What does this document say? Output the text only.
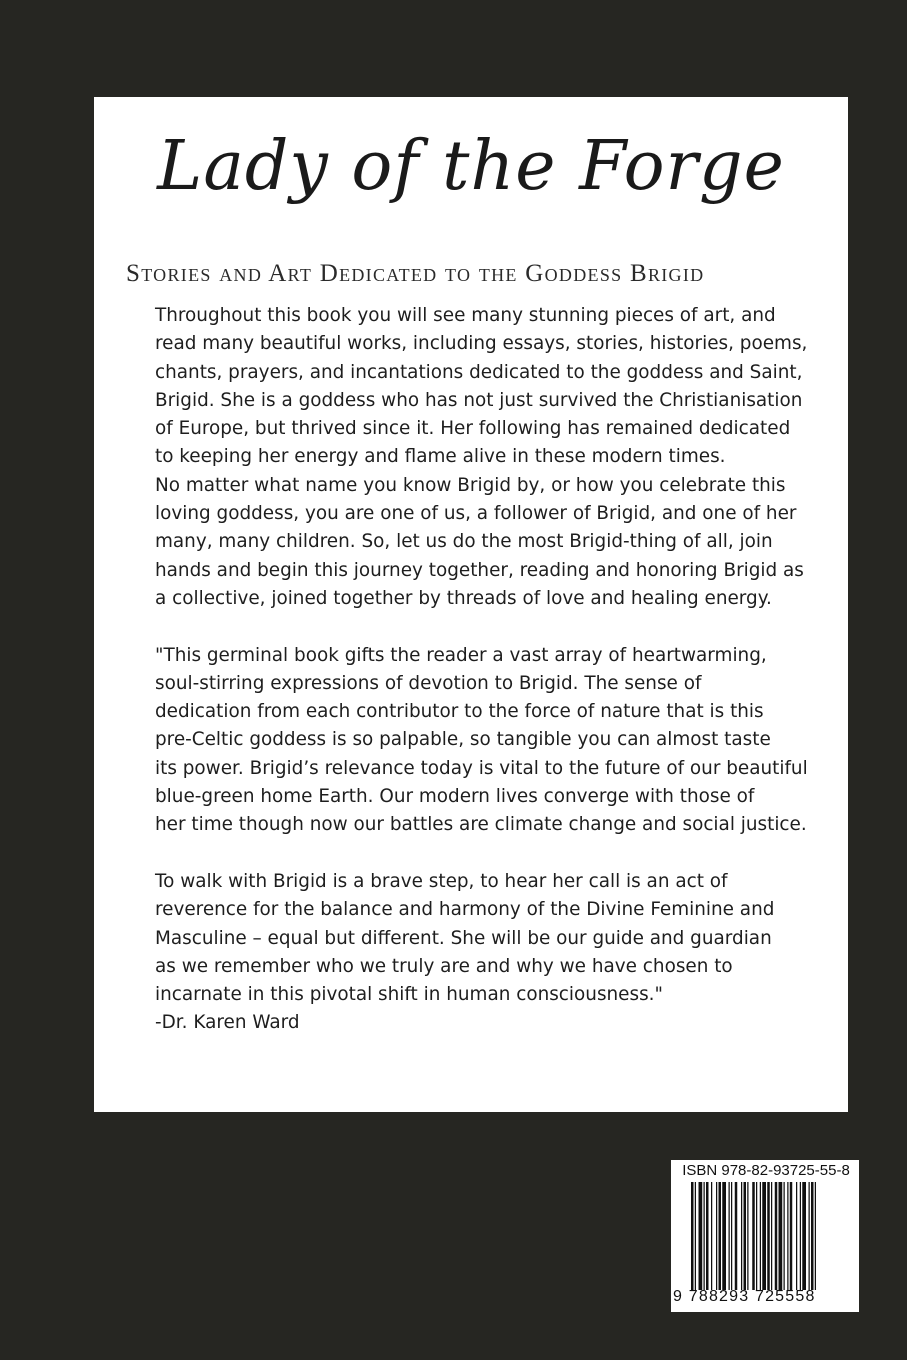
Lady of the Forge
Stories and Art Dedicated to the Goddess Brigid
Throughout this book you will see many stunning pieces of art, and
read many beautiful works, including essays, stories, histories, poems,
chants, prayers, and incantations dedicated to the goddess and Saint,
Brigid. She is a goddess who has not just survived the Christianisation
of Europe, but thrived since it. Her following has remained dedicated
to keeping her energy and flame alive in these modern times.
No matter what name you know Brigid by, or how you celebrate this
loving goddess, you are one of us, a follower of Brigid, and one of her
many, many children. So, let us do the most Brigid-thing of all, join
hands and begin this journey together, reading and honoring Brigid as
a collective, joined together by threads of love and healing energy.
"This germinal book gifts the reader a vast array of heartwarming,
soul-stirring expressions of devotion to Brigid. The sense of
dedication from each contributor to the force of nature that is this
pre-Celtic goddess is so palpable, so tangible you can almost taste
its power. Brigid’s relevance today is vital to the future of our beautiful
blue-green home Earth. Our modern lives converge with those of
her time though now our battles are climate change and social justice.
To walk with Brigid is a brave step, to hear her call is an act of
reverence for the balance and harmony of the Divine Feminine and
Masculine – equal but different. She will be our guide and guardian
as we remember who we truly are and why we have chosen to
incarnate in this pivotal shift in human consciousness."
-Dr. Karen Ward
ISBN 978-82-93725-55-8
9 788293 725558
